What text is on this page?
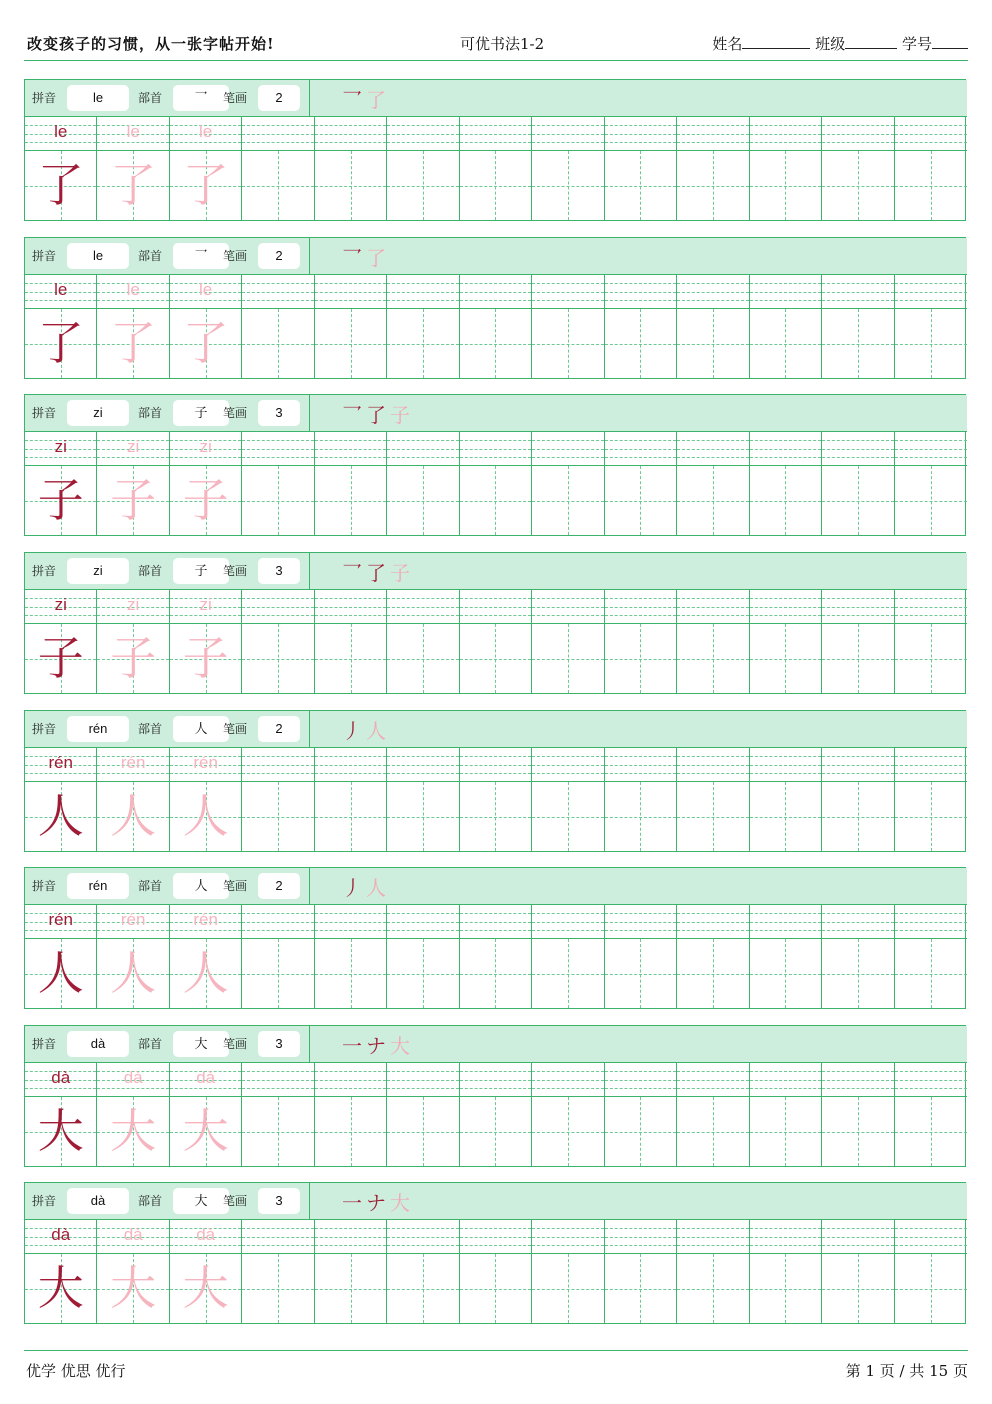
改变孩子的习惯，从一张字帖开始!	可优书法1-2	姓名	班级	学号
拼音	le	部首	乛	笔画	2	乛 了
le
了
le
了
le
了
拼音	le	部首	乛	笔画	2	乛 了
le
了
le
了
le
了
拼音	zi	部首	子	笔画	3	乛 了 子
zi
子
zi
子
zi
子
拼音	zi	部首	子	笔画	3	乛 了 子
zi
子
zi
子
zi
子
拼音	rén	部首	人	笔画	2	丿 人
rén
人
rén
人
rén
人
拼音	rén	部首	人	笔画	2	丿 人
rén
人
rén
人
rén
人
拼音	dà	部首	大	笔画	3	一 ナ 大
dà
大
dà
大
dà
大
拼音	dà	部首	大	笔画	3	一 ナ 大
dà
大
dà
大
dà
大
优学 优思 优行	第 1 页 / 共 15 页
